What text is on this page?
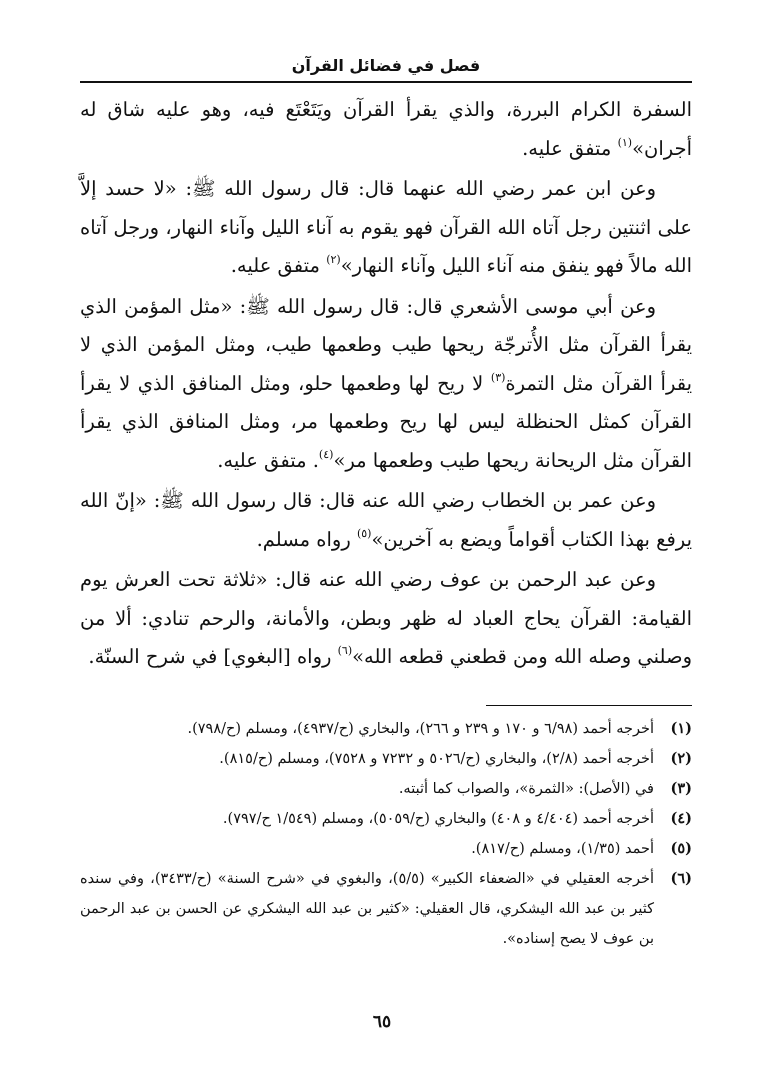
فصل في فضائل القرآن

السفرة الكرام البررة، والذي يقرأ القرآن ويَتَعْتَع فيه، وهو عليه شاق له أجران»$^{(١)}$ متفق عليه.

وعن ابن عمر رضي الله عنهما قال: قال رسول الله ﷺ: «لا حسد إلاَّ على اثنتين رجل آتاه الله القرآن فهو يقوم به آناء الليل وآناء النهار، ورجل آتاه الله مالاً فهو ينفق منه آناء الليل وآناء النهار»$^{(٢)}$ متفق عليه.

وعن أبي موسى الأشعري قال: قال رسول الله ﷺ: «مثل المؤمن الذي يقرأ القرآن مثل الأُترجّة ريحها طيب وطعمها طيب، ومثل المؤمن الذي لا يقرأ القرآن مثل التمرة$^{(٣)}$ لا ريح لها وطعمها حلو، ومثل المنافق الذي لا يقرأ القرآن كمثل الحنظلة ليس لها ريح وطعمها مر، ومثل المنافق الذي يقرأ القرآن مثل الريحانة ريحها طيب وطعمها مر»$^{(٤)}$. متفق عليه.

وعن عمر بن الخطاب رضي الله عنه قال: قال رسول الله ﷺ: «إنّ الله يرفع بهذا الكتاب أقواماً ويضع به آخرين»$^{(٥)}$ رواه مسلم.

وعن عبد الرحمن بن عوف رضي الله عنه قال: «ثلاثة تحت العرش يوم القيامة: القرآن يحاج العباد له ظهر وبطن، والأمانة، والرحم تنادي: ألا من وصلني وصله الله ومن قطعني قطعه الله»$^{(٦)}$ رواه [البغوي] في شرح السنّة.

(١)
أخرجه أحمد (٦/٩٨ و ١٧٠ و ٢٣٩ و ٢٦٦)، والبخاري (ح/٤٩٣٧)، ومسلم (ح/٧٩٨).
(٢)
أخرجه أحمد (٢/٨)، والبخاري (ح/٥٠٢٦ و ٧٢٣٢ و ٧٥٢٨)، ومسلم (ح/٨١٥).
(٣)
في (الأصل): «الثمرة»، والصواب كما أثبته.
(٤)
أخرجه أحمد (٤/٤٠٤ و ٤٠٨) والبخاري (ح/٥٠٥٩)، ومسلم (١/٥٤٩ ح/٧٩٧).
(٥)
أحمد (١/٣٥)، ومسلم (ح/٨١٧).
(٦)
أخرجه العقيلي في «الضعفاء الكبير» (٥/٥)، والبغوي في «شرح السنة» (ح/٣٤٣٣)، وفي سنده كثير بن عبد الله اليشكري، قال العقيلي: «كثير بن عبد الله اليشكري عن الحسن بن عبد الرحمن بن عوف لا يصح إسناده».
٦٥
